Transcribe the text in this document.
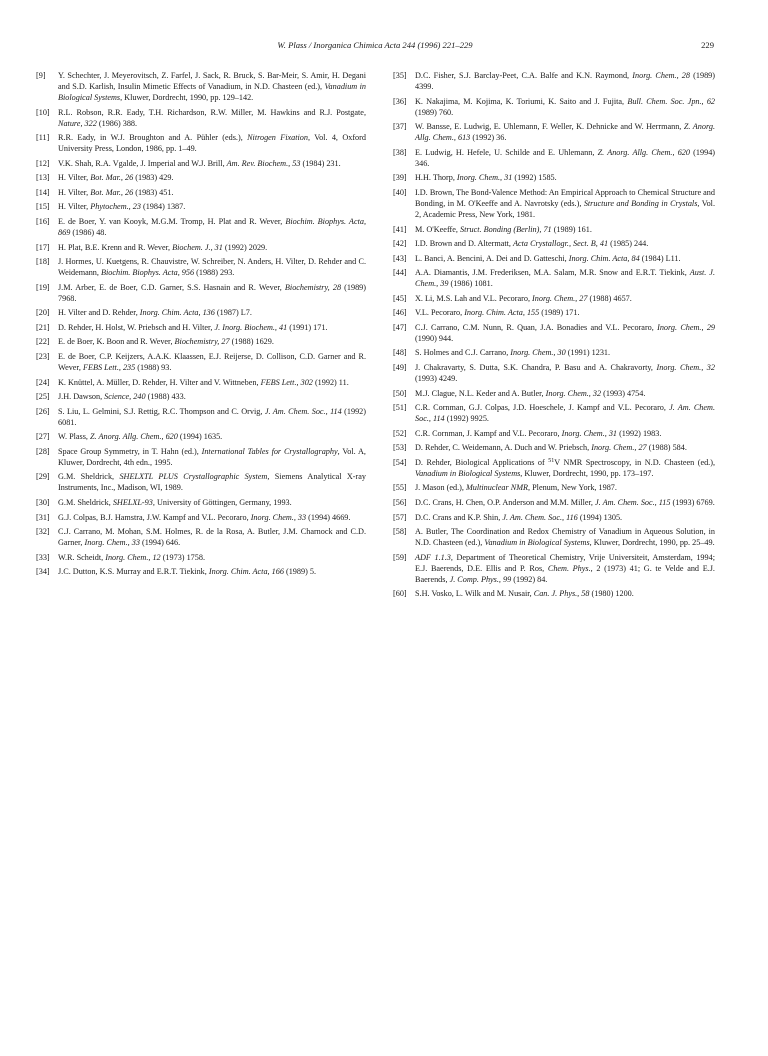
W. Plass / Inorganica Chimica Acta 244 (1996) 221–229	229
[9] Y. Schechter, J. Meyerovitsch, Z. Farfel, J. Sack, R. Bruck, S. Bar-Meir, S. Amir, H. Degani and S.D. Karlish, Insulin Mimetic Effects of Vanadium, in N.D. Chasteen (ed.), Vanadium in Biological Systems, Kluwer, Dordrecht, 1990, pp. 129–142.
[10] R.L. Robson, R.R. Eady, T.H. Richardson, R.W. Miller, M. Hawkins and R.J. Postgate, Nature, 322 (1986) 388.
[11] R.R. Eady, in W.J. Broughton and A. Pühler (eds.), Nitrogen Fixation, Vol. 4, Oxford University Press, London, 1986, pp. 1–49.
[12] V.K. Shah, R.A. Vgalde, J. Imperial and W.J. Brill, Am. Rev. Biochem., 53 (1984) 231.
[13] H. Vilter, Bot. Mar., 26 (1983) 429.
[14] H. Vilter, Bot. Mar., 26 (1983) 451.
[15] H. Vilter, Phytochem., 23 (1984) 1387.
[16] E. de Boer, Y. van Kooyk, M.G.M. Tromp, H. Plat and R. Wever, Biochim. Biophys. Acta, 869 (1986) 48.
[17] H. Plat, B.E. Krenn and R. Wever, Biochem. J., 31 (1992) 2029.
[18] J. Hormes, U. Kuetgens, R. Chauvistre, W. Schreiber, N. Anders, H. Vilter, D. Rehder and C. Weidemann, Biochim. Biophys. Acta, 956 (1988) 293.
[19] J.M. Arber, E. de Boer, C.D. Garner, S.S. Hasnain and R. Wever, Biochemistry, 28 (1989) 7968.
[20] H. Vilter and D. Rehder, Inorg. Chim. Acta, 136 (1987) L7.
[21] D. Rehder, H. Holst, W. Priebsch and H. Vilter, J. Inorg. Biochem., 41 (1991) 171.
[22] E. de Boer, K. Boon and R. Wever, Biochemistry, 27 (1988) 1629.
[23] E. de Boer, C.P. Keijzers, A.A.K. Klaassen, E.J. Reijerse, D. Collison, C.D. Garner and R. Wever, FEBS Lett., 235 (1988) 93.
[24] K. Knüttel, A. Müller, D. Rehder, H. Vilter and V. Wittneben, FEBS Lett., 302 (1992) 11.
[25] J.H. Dawson, Science, 240 (1988) 433.
[26] S. Liu, L. Gelmini, S.J. Rettig, R.C. Thompson and C. Orvig, J. Am. Chem. Soc., 114 (1992) 6081.
[27] W. Plass, Z. Anorg. Allg. Chem., 620 (1994) 1635.
[28] Space Group Symmetry, in T. Hahn (ed.), International Tables for Crystallography, Vol. A, Kluwer, Dordrecht, 4th edn., 1995.
[29] G.M. Sheldrick, SHELXTL PLUS Crystallographic System, Siemens Analytical X-ray Instruments, Inc., Madison, WI, 1989.
[30] G.M. Sheldrick, SHELXL-93, University of Göttingen, Germany, 1993.
[31] G.J. Colpas, B.J. Hamstra, J.W. Kampf and V.L. Pecoraro, Inorg. Chem., 33 (1994) 4669.
[32] C.J. Carrano, M. Mohan, S.M. Holmes, R. de la Rosa, A. Butler, J.M. Charnock and C.D. Garner, Inorg. Chem., 33 (1994) 646.
[33] W.R. Scheidt, Inorg. Chem., 12 (1973) 1758.
[34] J.C. Dutton, K.S. Murray and E.R.T. Tiekink, Inorg. Chim. Acta, 166 (1989) 5.
[35] D.C. Fisher, S.J. Barclay-Peet, C.A. Balfe and K.N. Raymond, Inorg. Chem., 28 (1989) 4399.
[36] K. Nakajima, M. Kojima, K. Toriumi, K. Saito and J. Fujita, Bull. Chem. Soc. Jpn., 62 (1989) 760.
[37] W. Bansse, E. Ludwig, E. Uhlemann, F. Weller, K. Dehnicke and W. Herrmann, Z. Anorg. Allg. Chem., 613 (1992) 36.
[38] E. Ludwig, H. Hefele, U. Schilde and E. Uhlemann, Z. Anorg. Allg. Chem., 620 (1994) 346.
[39] H.H. Thorp, Inorg. Chem., 31 (1992) 1585.
[40] I.D. Brown, The Bond-Valence Method: An Empirical Approach to Chemical Structure and Bonding, in M. O'Keeffe and A. Navrotsky (eds.), Structure and Bonding in Crystals, Vol. 2, Academic Press, New York, 1981.
[41] M. O'Keeffe, Struct. Bonding (Berlin), 71 (1989) 161.
[42] I.D. Brown and D. Altermatt, Acta Crystallogr., Sect. B, 41 (1985) 244.
[43] L. Banci, A. Bencini, A. Dei and D. Gatteschi, Inorg. Chim. Acta, 84 (1984) L11.
[44] A.A. Diamantis, J.M. Frederiksen, M.A. Salam, M.R. Snow and E.R.T. Tiekink, Aust. J. Chem., 39 (1986) 1081.
[45] X. Li, M.S. Lah and V.L. Pecoraro, Inorg. Chem., 27 (1988) 4657.
[46] V.L. Pecoraro, Inorg. Chim. Acta, 155 (1989) 171.
[47] C.J. Carrano, C.M. Nunn, R. Quan, J.A. Bonadies and V.L. Pecoraro, Inorg. Chem., 29 (1990) 944.
[48] S. Holmes and C.J. Carrano, Inorg. Chem., 30 (1991) 1231.
[49] J. Chakravarty, S. Dutta, S.K. Chandra, P. Basu and A. Chakravorty, Inorg. Chem., 32 (1993) 4249.
[50] M.J. Clague, N.L. Keder and A. Butler, Inorg. Chem., 32 (1993) 4754.
[51] C.R. Cornman, G.J. Colpas, J.D. Hoeschele, J. Kampf and V.L. Pecoraro, J. Am. Chem. Soc., 114 (1992) 9925.
[52] C.R. Cornman, J. Kampf and V.L. Pecoraro, Inorg. Chem., 31 (1992) 1983.
[53] D. Rehder, C. Weidemann, A. Duch and W. Priebsch, Inorg. Chem., 27 (1988) 584.
[54] D. Rehder, Biological Applications of $^{51}$V NMR Spectroscopy, in N.D. Chasteen (ed.), Vanadium in Biological Systems, Kluwer, Dordrecht, 1990, pp. 173–197.
[55] J. Mason (ed.), Multinuclear NMR, Plenum, New York, 1987.
[56] D.C. Crans, H. Chen, O.P. Anderson and M.M. Miller, J. Am. Chem. Soc., 115 (1993) 6769.
[57] D.C. Crans and K.P. Shin, J. Am. Chem. Soc., 116 (1994) 1305.
[58] A. Butler, The Coordination and Redox Chemistry of Vanadium in Aqueous Solution, in N.D. Chasteen (ed.), Vanadium in Biological Systems, Kluwer, Dordrecht, 1990, pp. 25–49.
[59] ADF 1.1.3, Department of Theoretical Chemistry, Vrije Universiteit, Amsterdam, 1994; E.J. Baerends, D.E. Ellis and P. Ros, Chem. Phys., 2 (1973) 41; G. te Velde and E.J. Baerends, J. Comp. Phys., 99 (1992) 84.
[60] S.H. Vosko, L. Wilk and M. Nusair, Can. J. Phys., 58 (1980) 1200.
